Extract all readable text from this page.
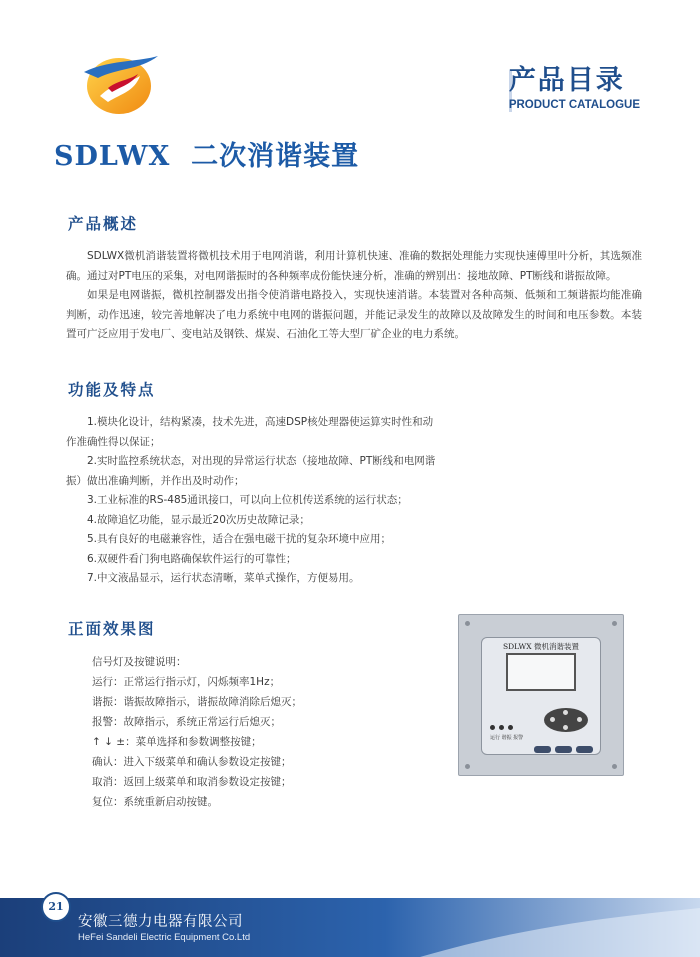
产品目录
PRODUCT CATALOGUE
SDLWX  二次消谐装置
产品概述

SDLWX微机消谐装置将微机技术用于电网消谐，利用计算机快速、准确的数据处理能力实现快速傅里叶分析，其选频准确。通过对PT电压的采集，对电网谐振时的各种频率成份能快速分析，准确的辨别出：接地故障、PT断线和谐振故障。

如果是电网谐振，微机控制器发出指令使消谐电路投入，实现快速消谐。本装置对各种高频、低频和工频谐振均能准确判断，动作迅速，较完善地解决了电力系统中电网的谐振问题，并能记录发生的故障以及故障发生的时间和电压参数。本装置可广泛应用于发电厂、变电站及钢铁、煤炭、石油化工等大型厂矿企业的电力系统。

功能及特点

1.模块化设计，结构紧凑，技术先进，高速DSP核处理器使运算实时性和动作准确性得以保证；

2.实时监控系统状态，对出现的异常运行状态（接地故障、PT断线和电网谐振）做出准确判断，并作出及时动作；

3.工业标准的RS-485通讯接口，可以向上位机传送系统的运行状态；

4.故障追忆功能，显示最近20次历史故障记录；

5.具有良好的电磁兼容性，适合在强电磁干扰的复杂环境中应用；

6.双硬件看门狗电路确保软件运行的可靠性；

7.中文液晶显示，运行状态清晰，菜单式操作，方便易用。

正面效果图
信号灯及按键说明：
运行：正常运行指示灯，闪烁频率1Hz；
谐振：谐振故障指示，谐振故障消除后熄灭；
报警：故障指示，系统正常运行后熄灭；
↑ ↓ ±：菜单选择和参数调整按键；
确认：进入下级菜单和确认参数设定按键；
取消：返回上级菜单和取消参数设定按键；
复位：系统重新启动按键。
SDLWX 微机消谐装置
运行 谐振 报警
21
安徽三德力电器有限公司
HeFei Sandeli Electric Equipment Co.Ltd
